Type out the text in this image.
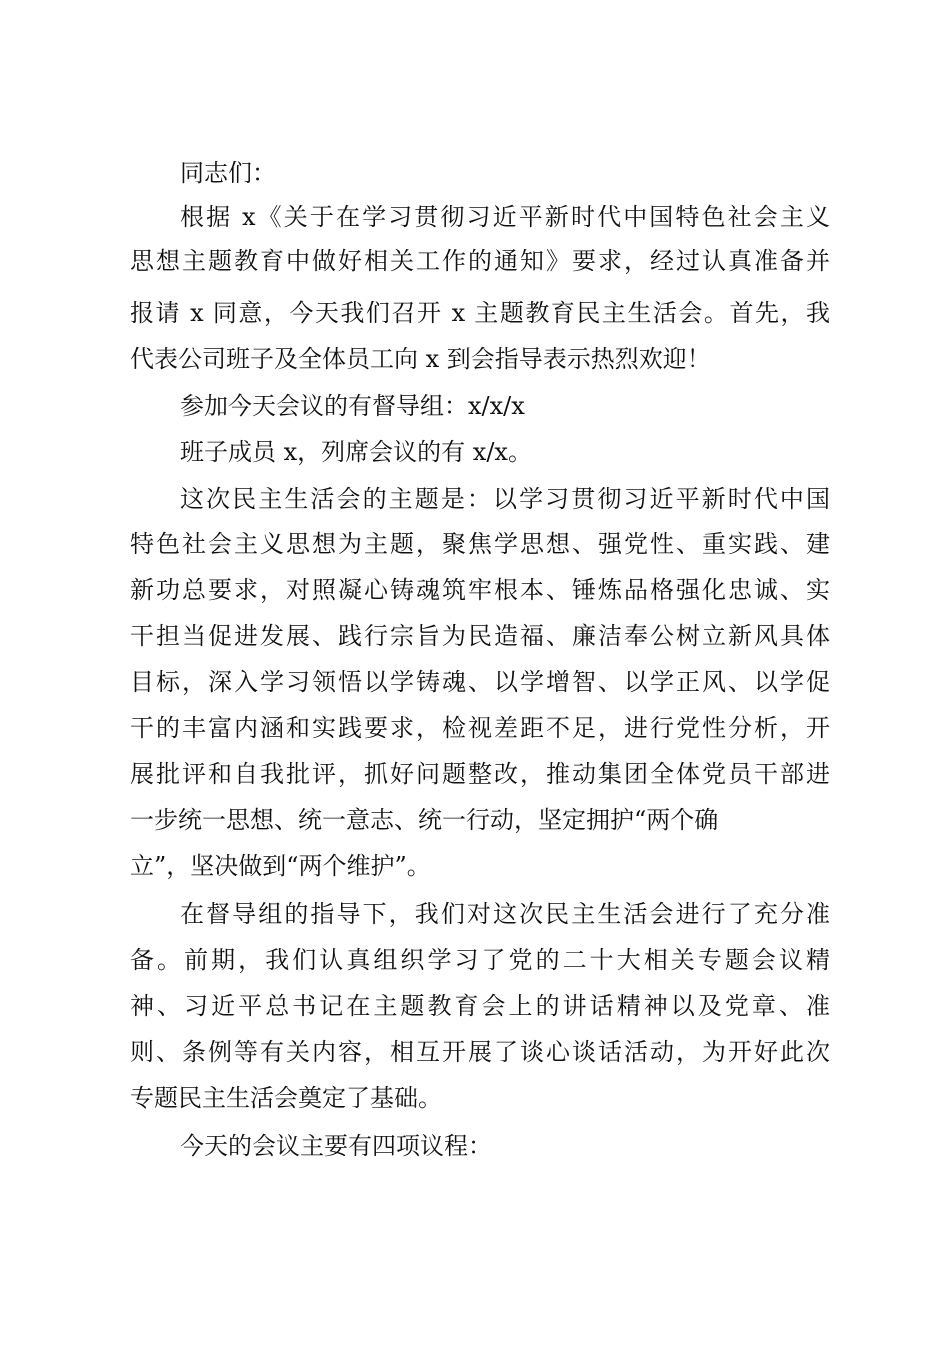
同志们：

根据 x《关于在学习贯彻习近平新时代中国特色社会主义

思想主题教育中做好相关工作的通知》要求，经过认真准备并

报请 x 同意，今天我们召开 x 主题教育民主生活会。首先，我

代表公司班子及全体员工向 x 到会指导表示热烈欢迎！

参加今天会议的有督导组：x/x/x

班子成员 x，列席会议的有 x/x。

这次民主生活会的主题是：以学习贯彻习近平新时代中国

特色社会主义思想为主题，聚焦学思想、强党性、重实践、建

新功总要求，对照凝心铸魂筑牢根本、锤炼品格强化忠诚、实

干担当促进发展、践行宗旨为民造福、廉洁奉公树立新风具体

目标，深入学习领悟以学铸魂、以学增智、以学正风、以学促

干的丰富内涵和实践要求，检视差距不足，进行党性分析，开

展批评和自我批评，抓好问题整改，推动集团全体党员干部进

一步统一思想、统一意志、统一行动，坚定拥护“两个确

立”，坚决做到“两个维护”。

在督导组的指导下，我们对这次民主生活会进行了充分准

备。前期，我们认真组织学习了党的二十大相关专题会议精

神、习近平总书记在主题教育会上的讲话精神以及党章、准

则、条例等有关内容，相互开展了谈心谈话活动，为开好此次

专题民主生活会奠定了基础。

今天的会议主要有四项议程：
